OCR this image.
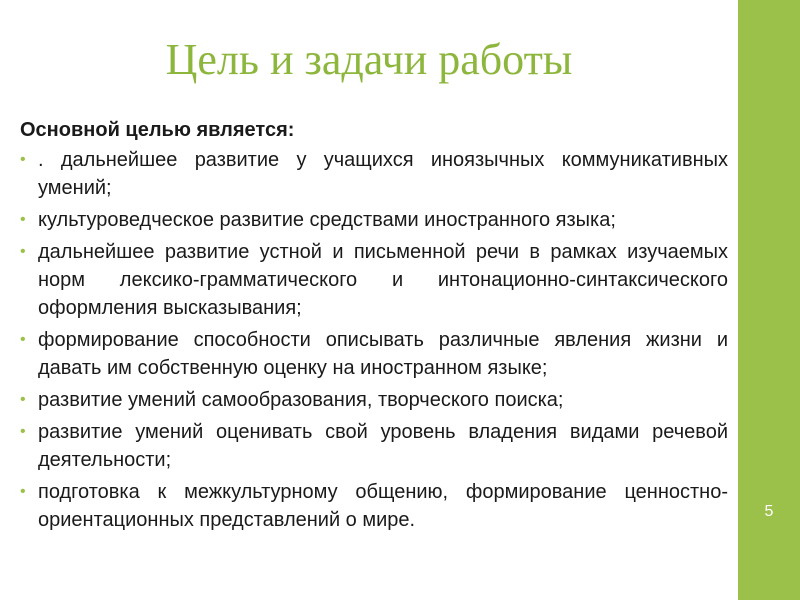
5
Цель и задачи работы
Основной целью является:
• . дальнейшее развитие у учащихся иноязычных коммуникативных умений;
• культуроведческое развитие средствами иностранного языка;
• дальнейшее развитие устной и письменной речи в рамках изучаемых норм лексико-грамматического и интонационно-синтаксического оформления высказывания;
• формирование способности описывать различные явления жизни и давать им собственную оценку на иностранном языке;
• развитие умений самообразования, творческого поиска;
• развитие умений оценивать свой уровень владения видами речевой деятельности;
• подготовка к межкультурному общению, формирование ценностно-ориентационных представлений о мире.
